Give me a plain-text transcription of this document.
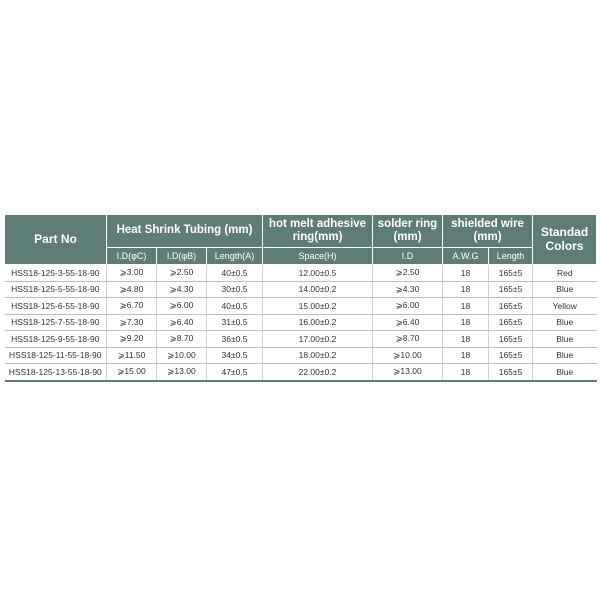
Part No	Heat Shrink Tubing (mm)			hot melt adhesive ring(mm)	solder ring (mm)	shielded wire (mm)		Standad Colors
	I.D(φC)	I.D(φB)	Length(A)	Space(H)	I.D	A.W.G	Length	
HSS18-125-3-55-18-90	⩾3.00	⩾2.50	40±0.5	12.00±0.5	⩾2.50	18	165±5	Red
HSS18-125-5-55-18-90	⩾4.80	⩾4.30	30±0.5	14.00±0.2	⩾4.30	18	165±5	Blue
HSS18-125-6-55-18-90	⩾6.70	⩾6.00	40±0.5	15.00±0.2	⩾6.00	18	165±5	Yellow
HSS18-125-7-55-18-90	⩾7.30	⩾6.40	31±0.5	16.00±0.2	⩾6.40	18	165±5	Blue
HSS18-125-9-55-18-90	⩾9.20	⩾8.70	36±0.5	17.00±0.2	⩾8.70	18	165±5	Blue
HSS18-125-11-55-18-90	⩾11.50	⩾10.00	34±0.5	18.00±0.2	⩾10.00	18	165±5	Blue
HSS18-125-13-55-18-90	⩾15.00	⩾13.00	47±0.5	22.00±0.2	⩾13.00	18	165±5	Blue
